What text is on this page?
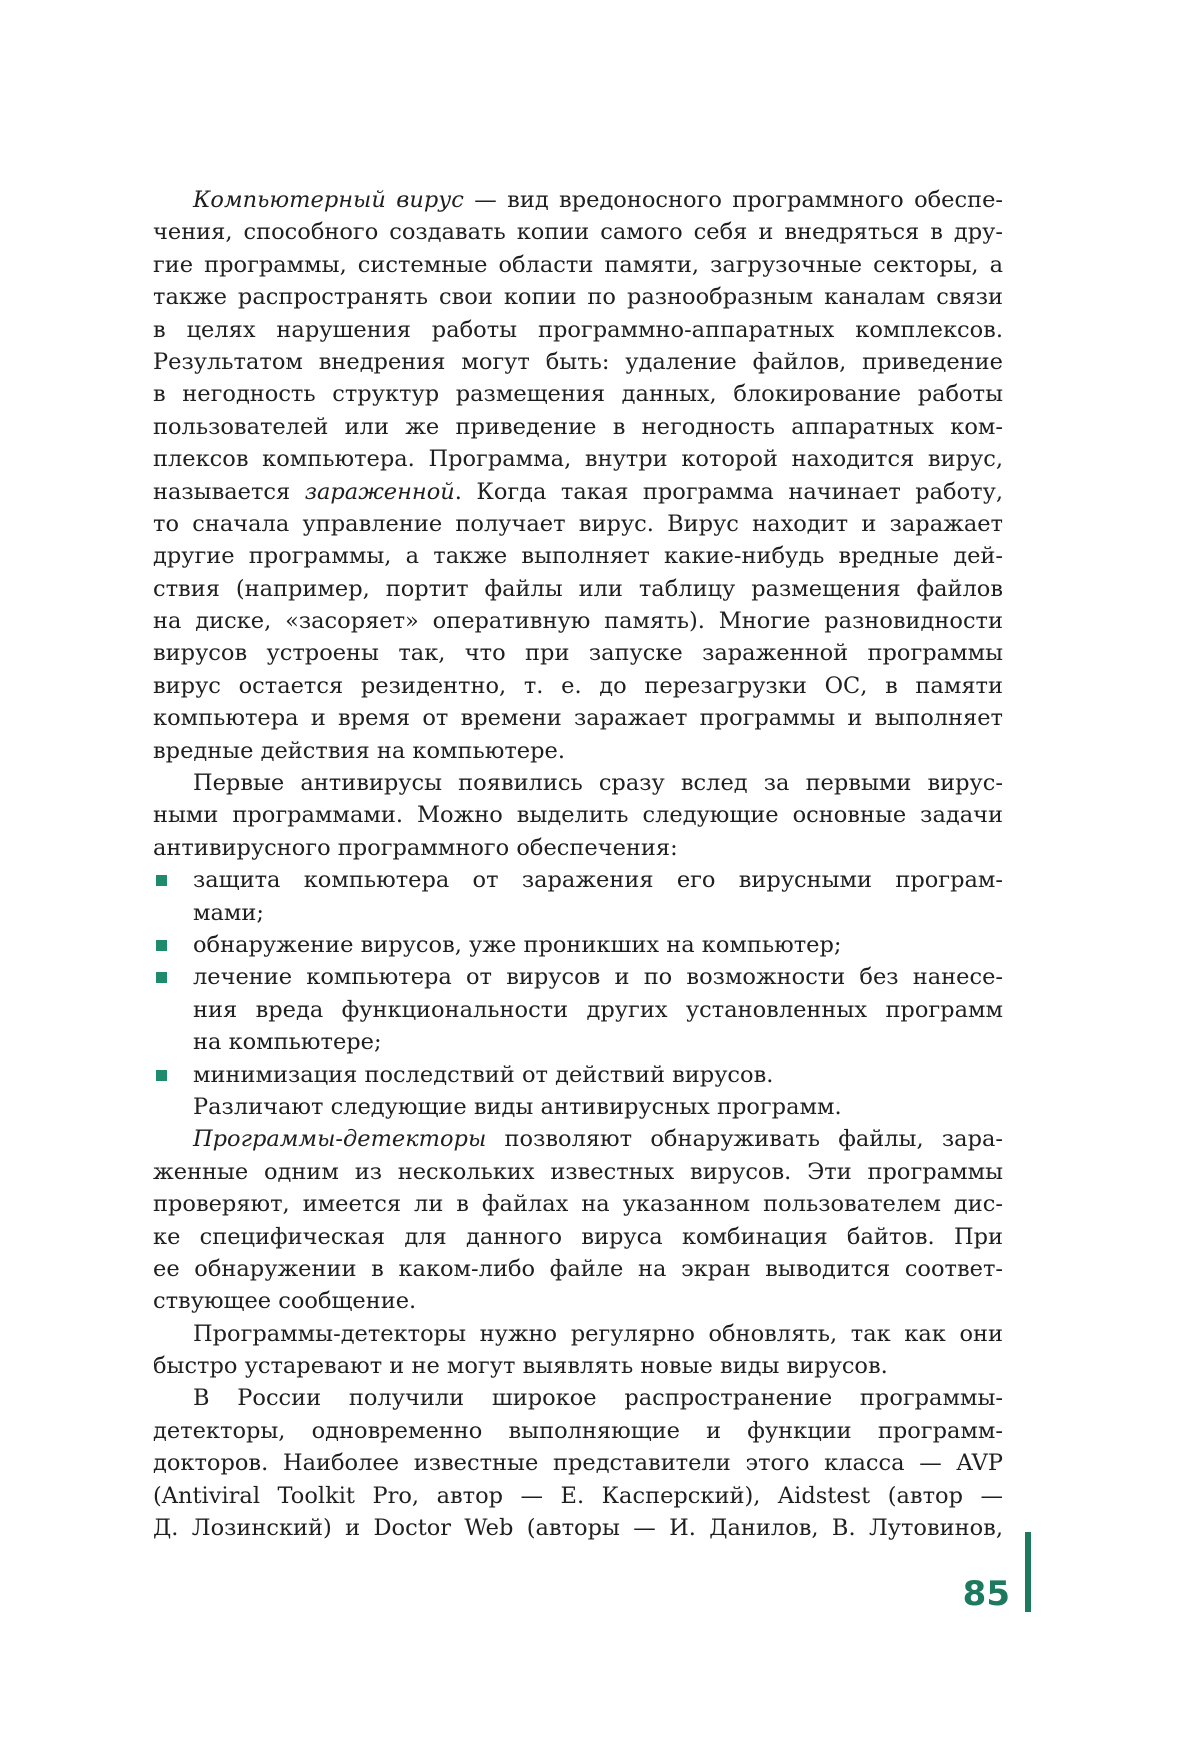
Компьютерный вирус — вид вредоносного программного обеспе-
чения, способного создавать копии самого себя и внедряться в дру-
гие программы, системные области памяти, загрузочные секторы, а
также распространять свои копии по разнообразным каналам связи
в целях нарушения работы программно-аппаратных комплексов.
Результатом внедрения могут быть: удаление файлов, приведение
в негодность структур размещения данных, блокирование работы
пользователей или же приведение в негодность аппаратных ком-
плексов компьютера. Программа, внутри которой находится вирус,
называется зараженной. Когда такая программа начинает работу,
то сначала управление получает вирус. Вирус находит и заражает
другие программы, а также выполняет какие-нибудь вредные дей-
ствия (например, портит файлы или таблицу размещения файлов
на диске, «засоряет» оперативную память). Многие разновидности
вирусов устроены так, что при запуске зараженной программы
вирус остается резидентно, т. е. до перезагрузки ОС, в памяти
компьютера и время от времени заражает программы и выполняет
вредные действия на компьютере.
Первые антивирусы появились сразу вслед за первыми вирус-
ными программами. Можно выделить следующие основные задачи
антивирусного программного обеспечения:
защита компьютера от заражения его вирусными програм-
мами;
обнаружение вирусов, уже проникших на компьютер;
лечение компьютера от вирусов и по возможности без нанесе-
ния вреда функциональности других установленных программ
на компьютере;
минимизация последствий от действий вирусов.
Различают следующие виды антивирусных программ.
Программы-детекторы позволяют обнаруживать файлы, зара-
женные одним из нескольких известных вирусов. Эти программы
проверяют, имеется ли в файлах на указанном пользователем дис-
ке специфическая для данного вируса комбинация байтов. При
ее обнаружении в каком-либо файле на экран выводится соответ-
ствующее сообщение.
Программы-детекторы нужно регулярно обновлять, так как они
быстро устаревают и не могут выявлять новые виды вирусов.
В России получили широкое распространение программы-
детекторы, одновременно выполняющие и функции программ-
докторов. Наиболее известные представители этого класса — AVP
(Antiviral Toolkit Pro, автор — Е. Касперский), Aidstest (автор —
Д. Лозинский) и Doctor Web (авторы — И. Данилов, В. Лутовинов,
85
